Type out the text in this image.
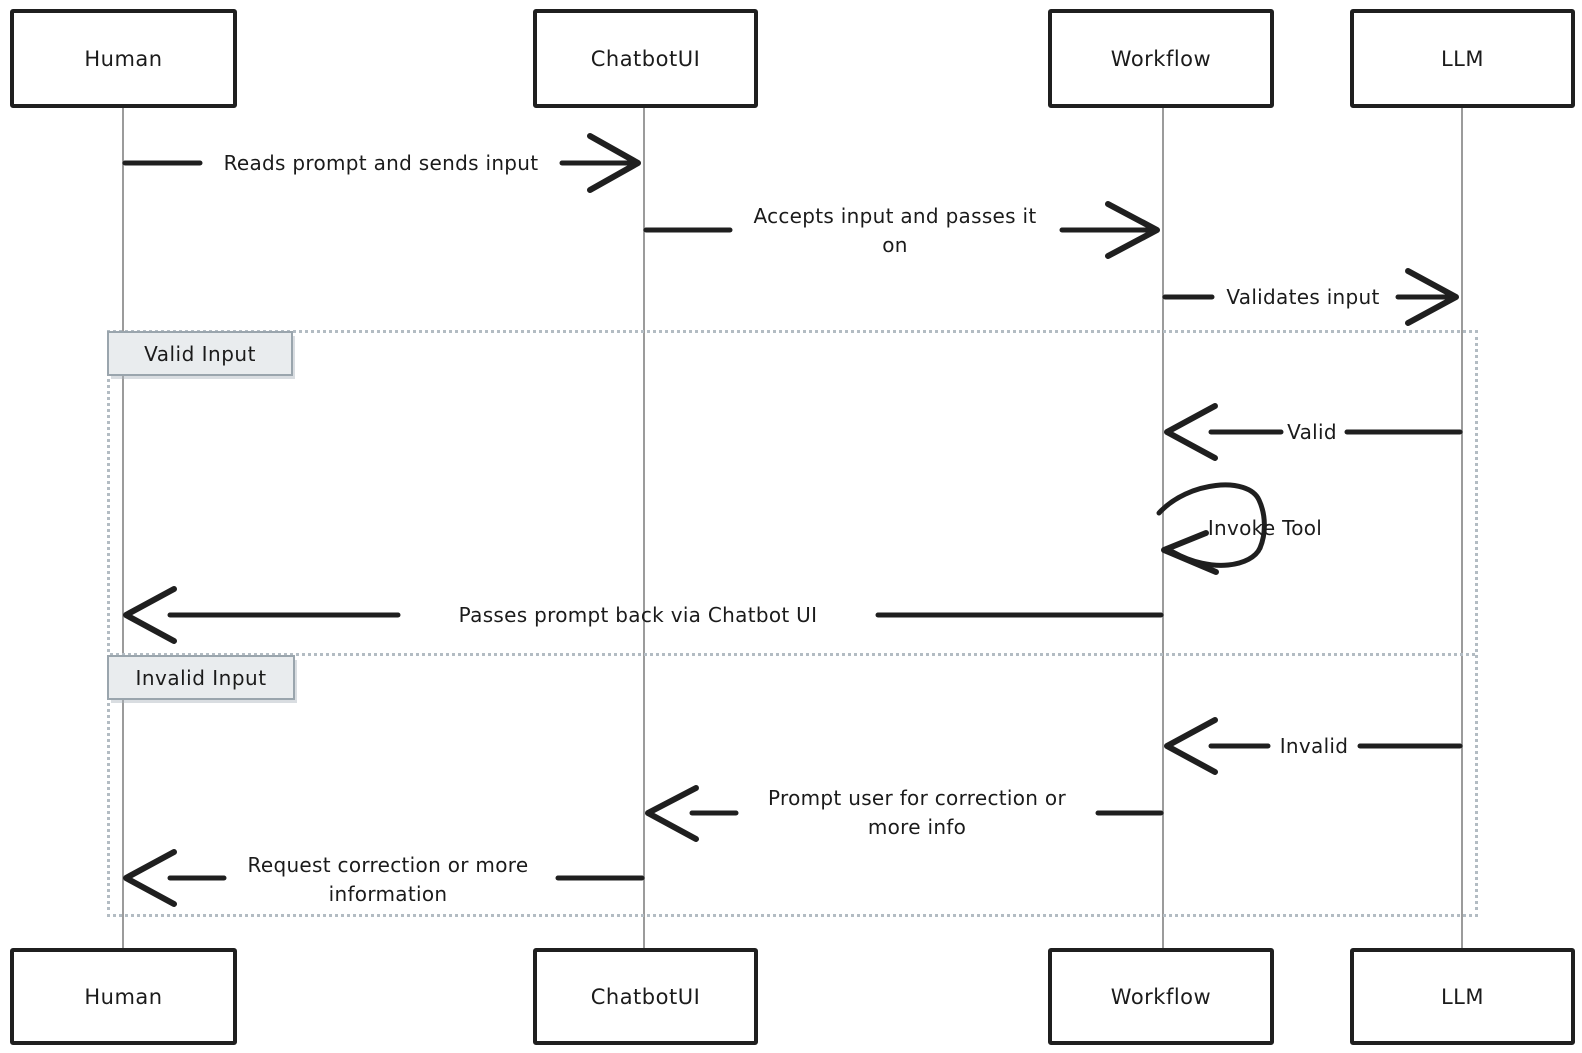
Reads prompt and sends input
Accepts input and passes it on
Validates input
Valid
Invoke Tool
Passes prompt back via Chatbot UI
Invalid
Prompt user for correction or more info
Request correction or more information
Valid Input
Invalid Input
Human	ChatbotUI	Workflow	LLM
Human	ChatbotUI	Workflow	LLM
